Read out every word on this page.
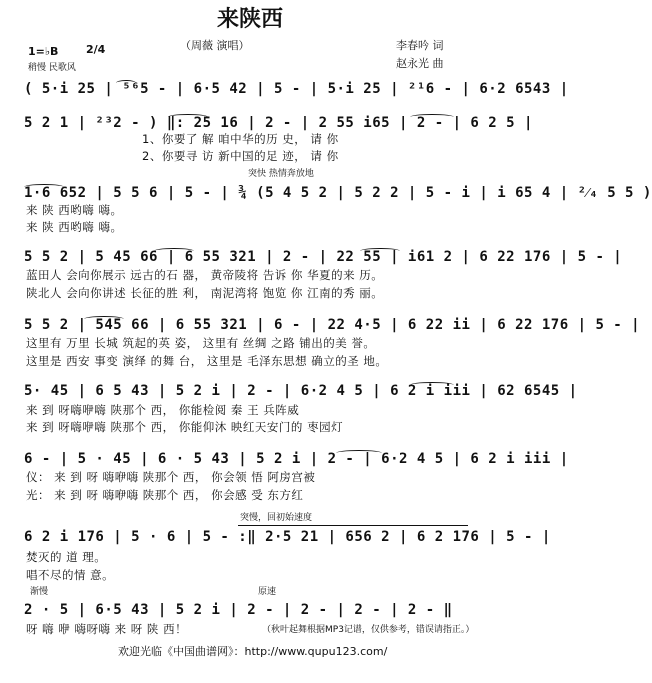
来陕西
（周薇 演唱）	李春吟 词
赵永光 曲
1=♭B	2/4
稍慢 民歌风
( 5·i 25 | ⁵⁶5 - | 6·5 42 | 5 - | 5·i 25 | ²¹6 - | 6·2 6543 |
5 2 1 | ²³2 - ) ‖: 25 16 | 2 - | 2 55 i65 | 2 - | 6 2 5 |
1、你要了 解 咱中华的历 史， 请 你
2、你要寻 访 新中国的足 迹， 请 你
突快 热情奔放地
1·6 652 | 5 5 6 | 5 - | ¾ (5 4 5 2 | 5 2 2 | 5 - i | i 65 4 | ²⁄₄ 5 5 )
来 陕 西哟嗨 嗨。
来 陕 西哟嗨 嗨。
5 5 2 | 5 45 66 | 6 55 321 | 2 - | 22 55 | i61 2 | 6 22 176 | 5 - |
蓝田人 会向你展示 远古的石 器， 黄帝陵将 告诉 你 华夏的来 历。
陕北人 会向你讲述 长征的胜 利， 南泥湾将 饱览 你 江南的秀 丽。
5 5 2 | 545 66 | 6 55 321 | 6 - | 22 4·5 | 6 22 ii | 6 22 176 | 5 - |
这里有 万里 长城 筑起的英 姿， 这里有 丝绸 之路 铺出的美 誉。
这里是 西安 事变 演绎 的舞 台， 这里是 毛泽东思想 确立的圣 地。
5· 45 | 6 5 43 | 5 2 i | 2 - | 6·2 4 5 | 6 2 i iii | 62 6545 |
来 到 呀嗨咿嗨 陕那个 西， 你能检阅 秦 王 兵阵威
来 到 呀嗨咿嗨 陕那个 西， 你能仰沐 映红天安门的 枣园灯
6 - | 5 · 45 | 6 · 5 43 | 5 2 i | 2 - | 6·2 4 5 | 6 2 i iii |
仪： 来 到 呀 嗨咿嗨 陕那个 西， 你会领 悟 阿房宫被
光： 来 到 呀 嗨咿嗨 陕那个 西， 你会感 受 东方红
突慢，回初始速度
6 2 i 176 | 5 · 6 | 5 - :‖ 2·5 21 | 656 2 | 6 2 176 | 5 - |
焚灭的 道 理。
唱不尽的情 意。
渐慢	原速
2 · 5 | 6·5 43 | 5 2 i | 2 - | 2 - | 2 - | 2 - ‖
呀 嗨 咿 嗨呀嗨 来 呀 陕 西！	（秋叶起舞根据MP3记谱，仅供参考，错误请指正。）
欢迎光临《中国曲谱网》：http://www.qupu123.com/
